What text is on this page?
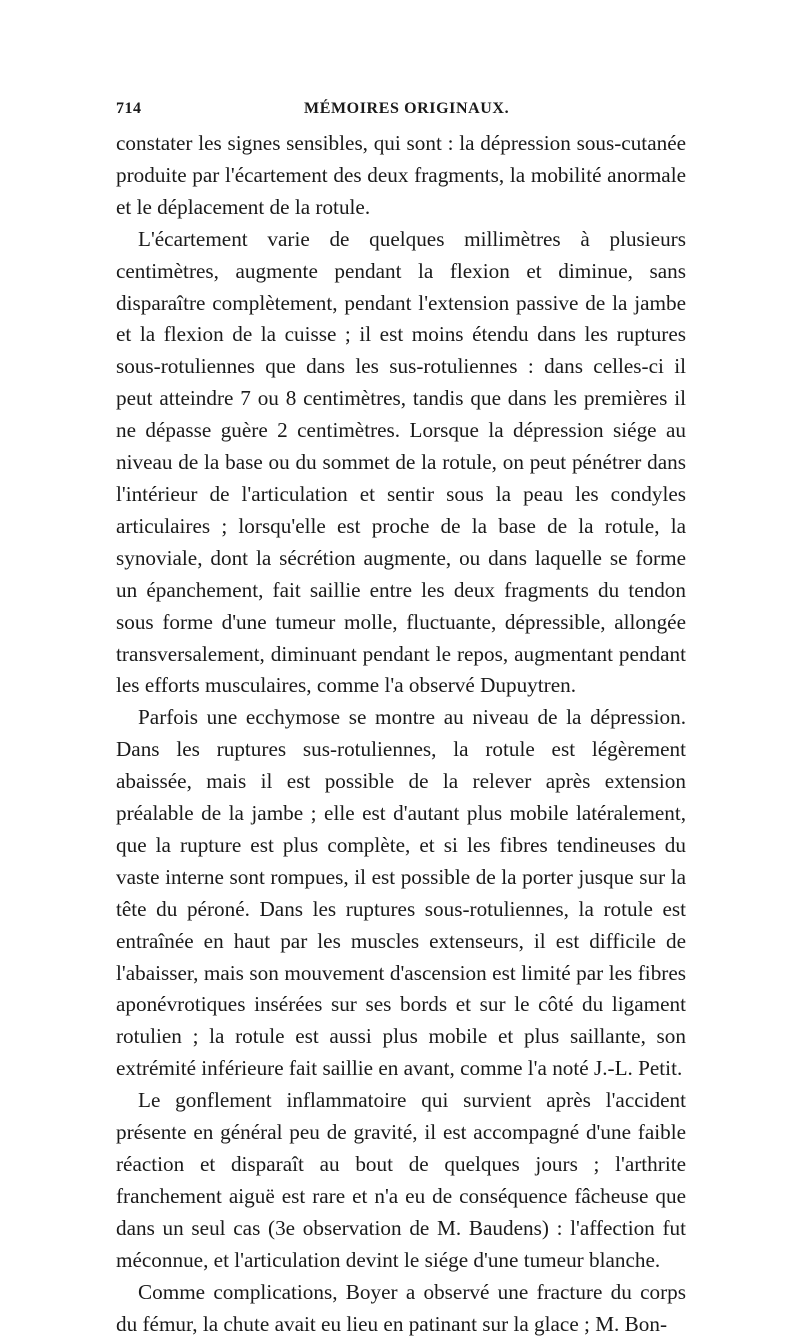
714	MÉMOIRES ORIGINAUX.

constater les signes sensibles, qui sont : la dépression sous-cutanée produite par l'écartement des deux fragments, la mobilité anormale et le déplacement de la rotule.

L'écartement varie de quelques millimètres à plusieurs centimètres, augmente pendant la flexion et diminue, sans disparaître complètement, pendant l'extension passive de la jambe et la flexion de la cuisse ; il est moins étendu dans les ruptures sous-rotuliennes que dans les sus-rotuliennes : dans celles-ci il peut atteindre 7 ou 8 centimètres, tandis que dans les premières il ne dépasse guère 2 centimètres. Lorsque la dépression siége au niveau de la base ou du sommet de la rotule, on peut pénétrer dans l'intérieur de l'articulation et sentir sous la peau les condyles articulaires ; lorsqu'elle est proche de la base de la rotule, la synoviale, dont la sécrétion augmente, ou dans laquelle se forme un épanchement, fait saillie entre les deux fragments du tendon sous forme d'une tumeur molle, fluctuante, dépressible, allongée transversalement, diminuant pendant le repos, augmentant pendant les efforts musculaires, comme l'a observé Dupuytren.

Parfois une ecchymose se montre au niveau de la dépression. Dans les ruptures sus-rotuliennes, la rotule est légèrement abaissée, mais il est possible de la relever après extension préalable de la jambe ; elle est d'autant plus mobile latéralement, que la rupture est plus complète, et si les fibres tendineuses du vaste interne sont rompues, il est possible de la porter jusque sur la tête du péroné. Dans les ruptures sous-rotuliennes, la rotule est entraînée en haut par les muscles extenseurs, il est difficile de l'abaisser, mais son mouvement d'ascension est limité par les fibres aponévrotiques insérées sur ses bords et sur le côté du ligament rotulien ; la rotule est aussi plus mobile et plus saillante, son extrémité inférieure fait saillie en avant, comme l'a noté J.-L. Petit.

Le gonflement inflammatoire qui survient après l'accident présente en général peu de gravité, il est accompagné d'une faible réaction et disparaît au bout de quelques jours ; l'arthrite franchement aiguë est rare et n'a eu de conséquence fâcheuse que dans un seul cas (3e observation de M. Baudens) : l'affection fut méconnue, et l'articulation devint le siége d'une tumeur blanche.

Comme complications, Boyer a observé une fracture du corps du fémur, la chute avait eu lieu en patinant sur la glace ; M. Bon-
